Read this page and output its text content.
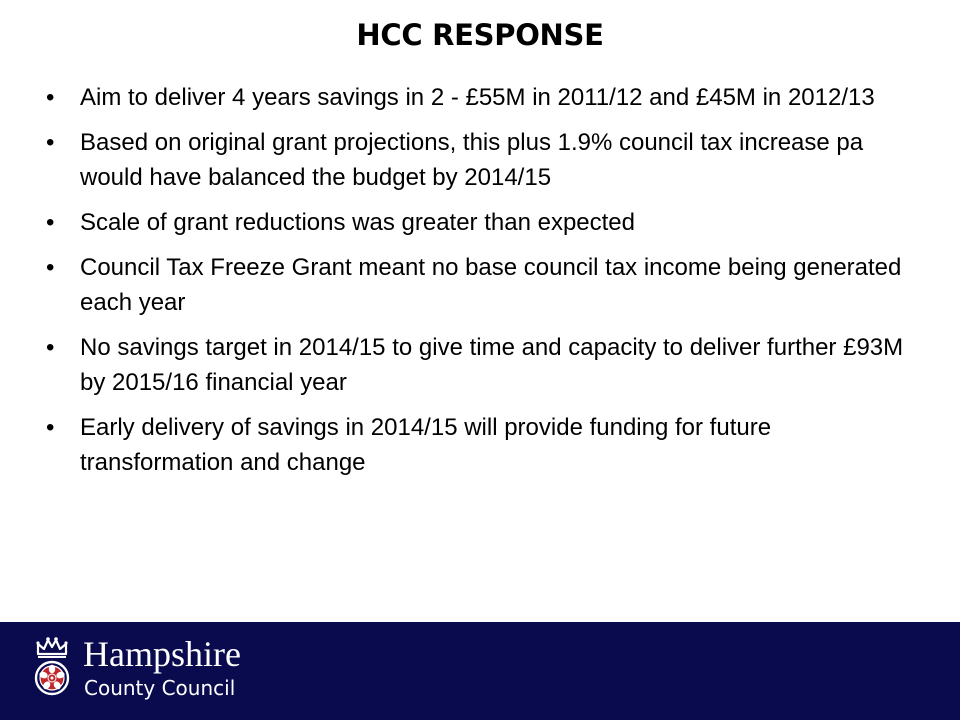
HCC RESPONSE
• Aim to deliver 4 years savings in 2 - £55M in 2011/12 and £45M in 2012/13
• Based on original grant projections, this plus 1.9% council tax increase pa would have balanced the budget by 2014/15
• Scale of grant reductions was greater than expected
• Council Tax Freeze Grant meant no base council tax income being generated each year
• No savings target in 2014/15 to give time and capacity to deliver further £93M by 2015/16 financial year
• Early delivery of savings in 2014/15 will provide funding for future transformation and change
Hampshire
County Council
